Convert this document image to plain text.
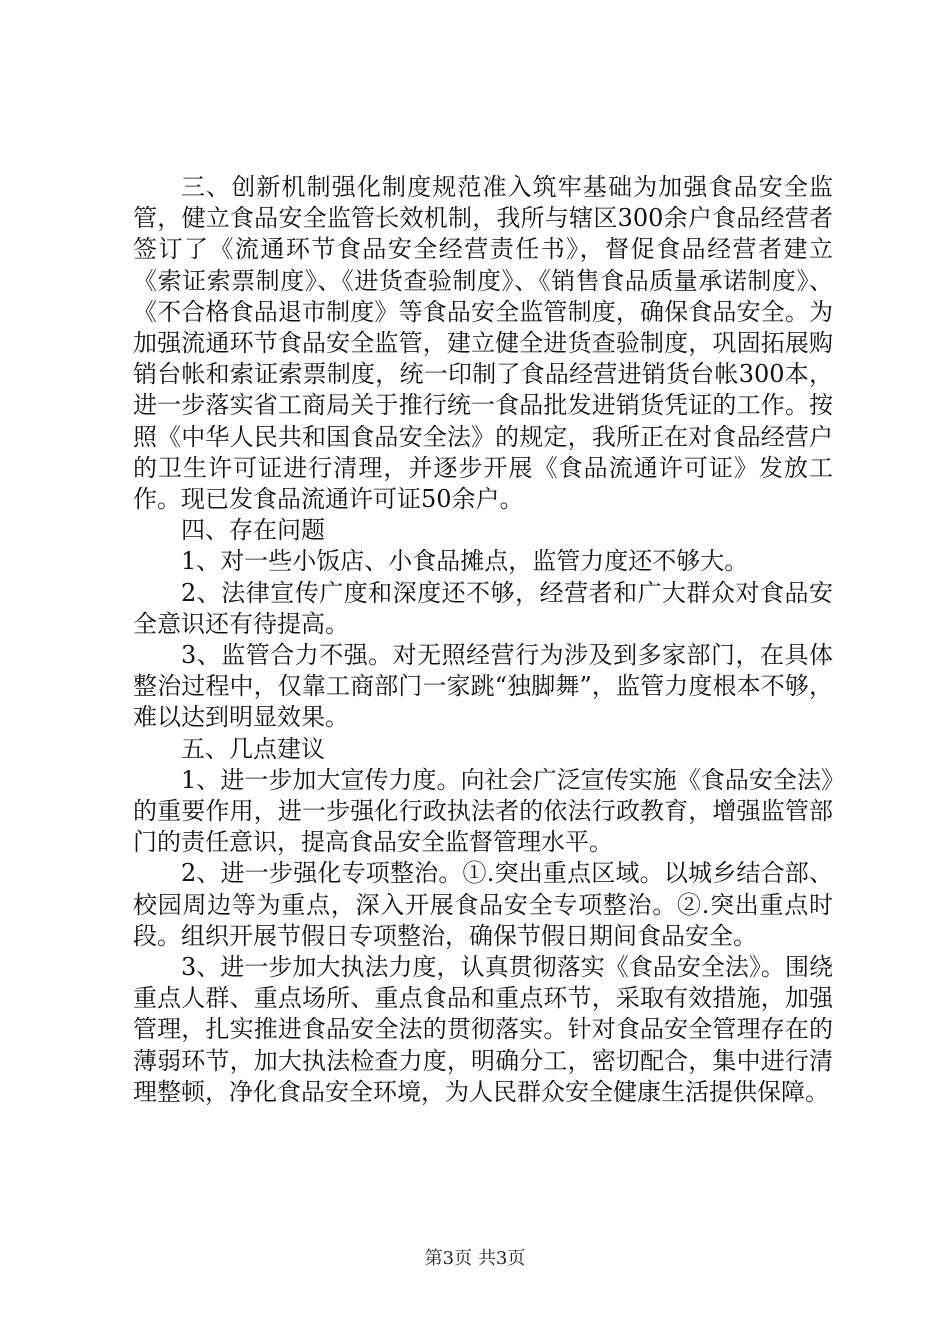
三、创新机制强化制度规范准入筑牢基础为加强食品安全监管，健立食品安全监管长效机制，我所与辖区300余户食品经营者签订了《流通环节食品安全经营责任书》，督促食品经营者建立《索证索票制度》、《进货查验制度》、《销售食品质量承诺制度》、《不合格食品退市制度》等食品安全监管制度，确保食品安全。为加强流通环节食品安全监管，建立健全进货查验制度，巩固拓展购销台帐和索证索票制度，统一印制了食品经营进销货台帐300本，进一步落实省工商局关于推行统一食品批发进销货凭证的工作。按照《中华人民共和国食品安全法》的规定，我所正在对食品经营户的卫生许可证进行清理，并逐步开展《食品流通许可证》发放工作。现已发食品流通许可证50余户。

四、存在问题

1、对一些小饭店、小食品摊点，监管力度还不够大。

2、法律宣传广度和深度还不够，经营者和广大群众对食品安全意识还有待提高。

3、监管合力不强。对无照经营行为涉及到多家部门，在具体整治过程中，仅靠工商部门一家跳“独脚舞”，监管力度根本不够，难以达到明显效果。

五、几点建议

1、进一步加大宣传力度。向社会广泛宣传实施《食品安全法》的重要作用，进一步强化行政执法者的依法行政教育，增强监管部门的责任意识，提高食品安全监督管理水平。

2、进一步强化专项整治。①.突出重点区域。以城乡结合部、校园周边等为重点，深入开展食品安全专项整治。②.突出重点时段。组织开展节假日专项整治，确保节假日期间食品安全。

3、进一步加大执法力度，认真贯彻落实《食品安全法》。围绕重点人群、重点场所、重点食品和重点环节，采取有效措施，加强管理，扎实推进食品安全法的贯彻落实。针对食品安全管理存在的薄弱环节，加大执法检查力度，明确分工，密切配合，集中进行清理整顿，净化食品安全环境，为人民群众安全健康生活提供保障。

第3页 共3页
